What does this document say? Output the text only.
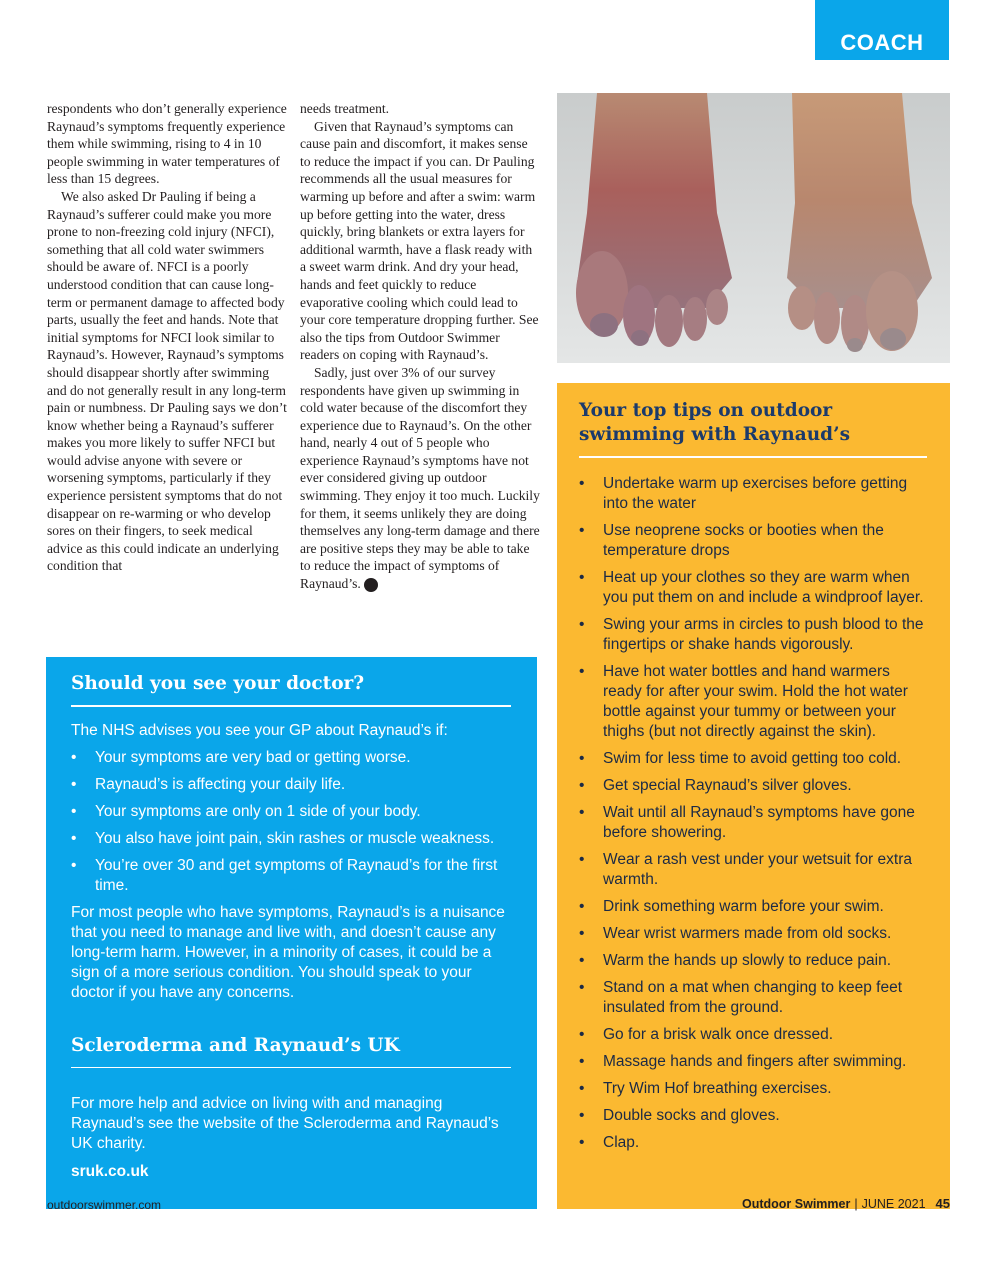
COACH

respondents who don’t generally experience Raynaud’s symptoms frequently experience them while swimming, rising to 4 in 10 people swimming in water temperatures of less than 15 degrees.

We also asked Dr Pauling if being a Raynaud’s sufferer could make you more prone to non-freezing cold injury (NFCI), something that all cold water swimmers should be aware of. NFCI is a poorly understood condition that can cause long-term or permanent damage to affected body parts, usually the feet and hands. Note that initial symptoms for NFCI look similar to Raynaud’s. However, Raynaud’s symptoms should disappear shortly after swimming and do not generally result in any long-term pain or numbness. Dr Pauling says we don’t know whether being a Raynaud’s sufferer makes you more likely to suffer NFCI but would advise anyone with severe or worsening symptoms, particularly if they experience persistent symptoms that do not disappear on re-warming or who develop sores on their fingers, to seek medical advice as this could indicate an underlying condition that

needs treatment.

Given that Raynaud’s symptoms can cause pain and discomfort, it makes sense to reduce the impact if you can. Dr Pauling recommends all the usual measures for warming up before and after a swim: warm up before getting into the water, dress quickly, bring blankets or extra layers for additional warmth, have a flask ready with a sweet warm drink. And dry your head, hands and feet quickly to reduce evaporative cooling which could lead to your core temperature dropping further. See also the tips from Outdoor Swimmer readers on coping with Raynaud’s.

Sadly, just over 3% of our survey respondents have given up swimming in cold water because of the discomfort they experience due to Raynaud’s. On the other hand, nearly 4 out of 5 people who experience Raynaud’s symptoms have not ever considered giving up outdoor swimming. They enjoy it too much. Luckily for them, it seems unlikely they are doing themselves any long-term damage and there are positive steps they may be able to take to reduce the impact of symptoms of Raynaud’s. OS

Your top tips on outdoor swimming with Raynaud’s
• Undertake warm up exercises before getting into the water
• Use neoprene socks or booties when the temperature drops
• Heat up your clothes so they are warm when you put them on and include a windproof layer.
• Swing your arms in circles to push blood to the fingertips or shake hands vigorously.
• Have hot water bottles and hand warmers ready for after your swim. Hold the hot water bottle against your tummy or between your thighs (but not directly against the skin).
• Swim for less time to avoid getting too cold.
• Get special Raynaud’s silver gloves.
• Wait until all Raynaud’s symptoms have gone before showering.
• Wear a rash vest under your wetsuit for extra warmth.
• Drink something warm before your swim.
• Wear wrist warmers made from old socks.
• Warm the hands up slowly to reduce pain.
• Stand on a mat when changing to keep feet insulated from the ground.
• Go for a brisk walk once dressed.
• Massage hands and fingers after swimming.
• Try Wim Hof breathing exercises.
• Double socks and gloves.
• Clap.
Should you see your doctor?
The NHS advises you see your GP about Raynaud’s if:
• Your symptoms are very bad or getting worse.
• Raynaud’s is affecting your daily life.
• Your symptoms are only on 1 side of your body.
• You also have joint pain, skin rashes or muscle weakness.
• You’re over 30 and get symptoms of Raynaud’s for the first time.
For most people who have symptoms, Raynaud’s is a nuisance that you need to manage and live with, and doesn’t cause any long-term harm. However, in a minority of cases, it could be a sign of a more serious condition. You should speak to your doctor if you have any concerns.
Scleroderma and Raynaud’s UK
For more help and advice on living with and managing Raynaud’s see the website of the Scleroderma and Raynaud’s UK charity.
sruk.co.uk
outdoorswimmer.com	Outdoor Swimmer | JUNE 2021 45
